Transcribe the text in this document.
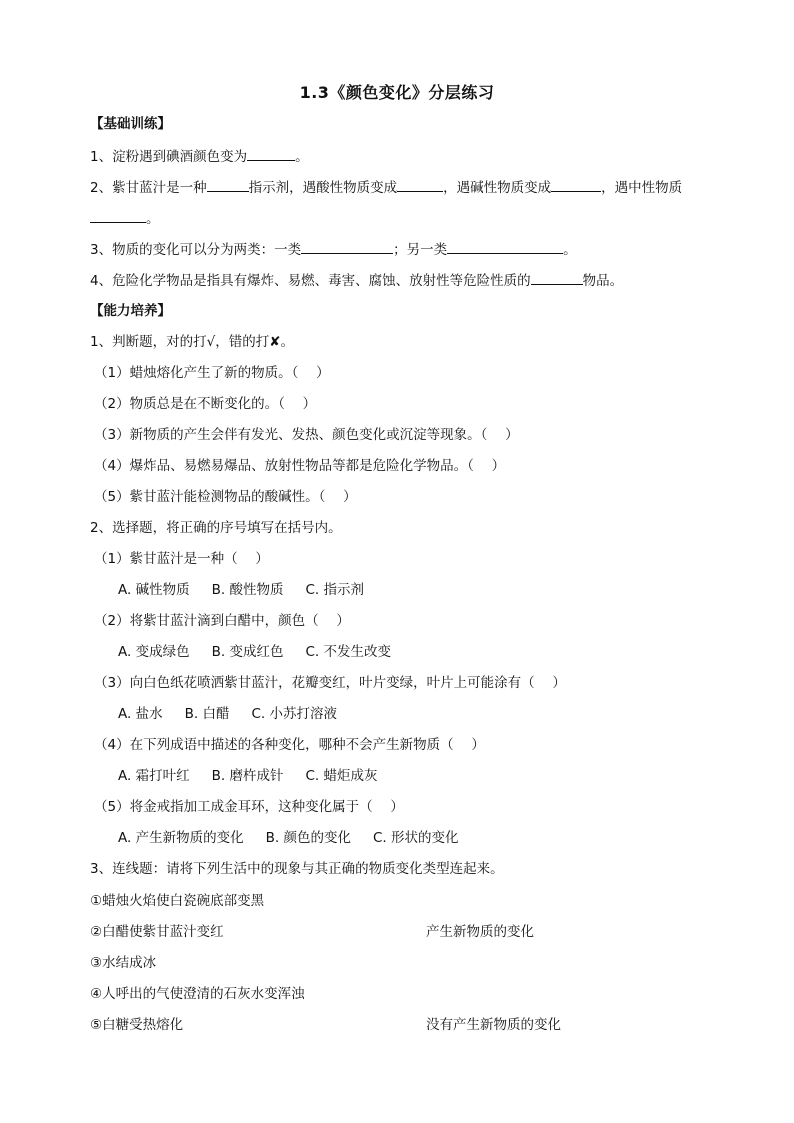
1.3《颜色变化》分层练习
【基础训练】
1、淀粉遇到碘酒颜色变为	。
2、紫甘蓝汁是一种	指示剂，遇酸性物质变成	，遇碱性物质变成	，遇中性物质
。
3、物质的变化可以分为两类：一类	；另一类	。
4、危险化学物品是指具有爆炸、易燃、毒害、腐蚀、放射性等危险性质的	物品。
【能力培养】
1、判断题，对的打√，错的打✘。
（1）蜡烛熔化产生了新的物质。（　 ）
（2）物质总是在不断变化的。（　 ）
（3）新物质的产生会伴有发光、发热、颜色变化或沉淀等现象。（　 ）
（4）爆炸品、易燃易爆品、放射性物品等都是危险化学物品。（　 ）
（5）紫甘蓝汁能检测物品的酸碱性。（　 ）
2、选择题，将正确的序号填写在括号内。
（1）紫甘蓝汁是一种（　 ）
A. 碱性物质 B. 酸性物质 C. 指示剂
（2）将紫甘蓝汁滴到白醋中，颜色（　 ）
A. 变成绿色 B. 变成红色 C. 不发生改变
（3）向白色纸花喷洒紫甘蓝汁，花瓣变红，叶片变绿，叶片上可能涂有（　 ）
A. 盐水 B. 白醋 C. 小苏打溶液
（4）在下列成语中描述的各种变化，哪种不会产生新物质（　 ）
A. 霜打叶红 B. 磨杵成针 C. 蜡炬成灰
（5）将金戒指加工成金耳环，这种变化属于（　 ）
A. 产生新物质的变化 B. 颜色的变化 C. 形状的变化
3、连线题：请将下列生活中的现象与其正确的物质变化类型连起来。
①蜡烛火焰使白瓷碗底部变黑
②白醋使紫甘蓝汁变红
③水结成冰
④人呼出的气使澄清的石灰水变浑浊
⑤白糖受热熔化
产生新物质的变化
没有产生新物质的变化
